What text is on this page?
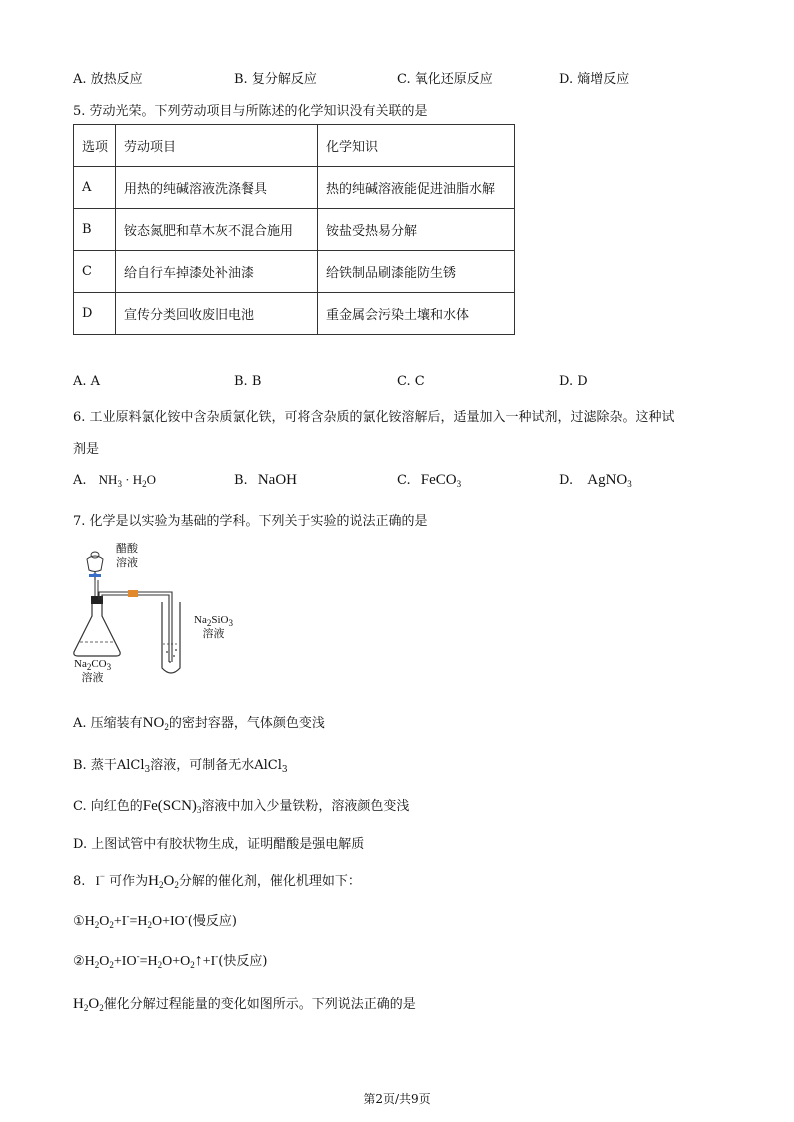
A. 放热反应	B. 复分解反应	C. 氧化还原反应	D. 熵增反应
5. 劳动光荣。下列劳动项目与所陈述的化学知识没有关联的是
选项	劳动项目	化学知识
A	用热的纯碱溶液洗涤餐具	热的纯碱溶液能促进油脂水解
B	铵态氮肥和草木灰不混合施用	铵盐受热易分解
C	给自行车掉漆处补油漆	给铁制品刷漆能防生锈
D	宣传分类回收废旧电池	重金属会污染土壤和水体
A. A	B. B	C. C	D. D
6. 工业原料氯化铵中含杂质氯化铁，可将含杂质的氯化铵溶解后，适量加入一种试剂，过滤除杂。这种试
剂是
A. $NH_3 \cdot H_2O$	B. NaOH	C. FeCO$_3$	D. AgNO$_3$
7. 化学是以实验为基础的学科。下列关于实验的说法正确的是
醋酸
溶液
$Na_2SiO_3$
溶液
$Na_2CO_3$
溶液
A. 压缩装有$NO_2$的密封容器，气体颜色变浅
B. 蒸干AlCl$_3$溶液，可制备无水AlCl$_3$
C. 向红色的$Fe(SCN)_3$溶液中加入少量铁粉，溶液颜色变浅
D. 上图试管中有胶状物生成，证明醋酸是强电解质
8. I− 可作为$H_2O_2$分解的催化剂，催化机理如下：
$①H_2O_2+I^-=H_2O+IO^-$(慢反应)
$②H_2O_2+IO^-=H_2O+O_2↑+I^-$(快反应)
$H_2O_2$催化分解过程能量的变化如图所示。下列说法正确的是
第2页/共9页
